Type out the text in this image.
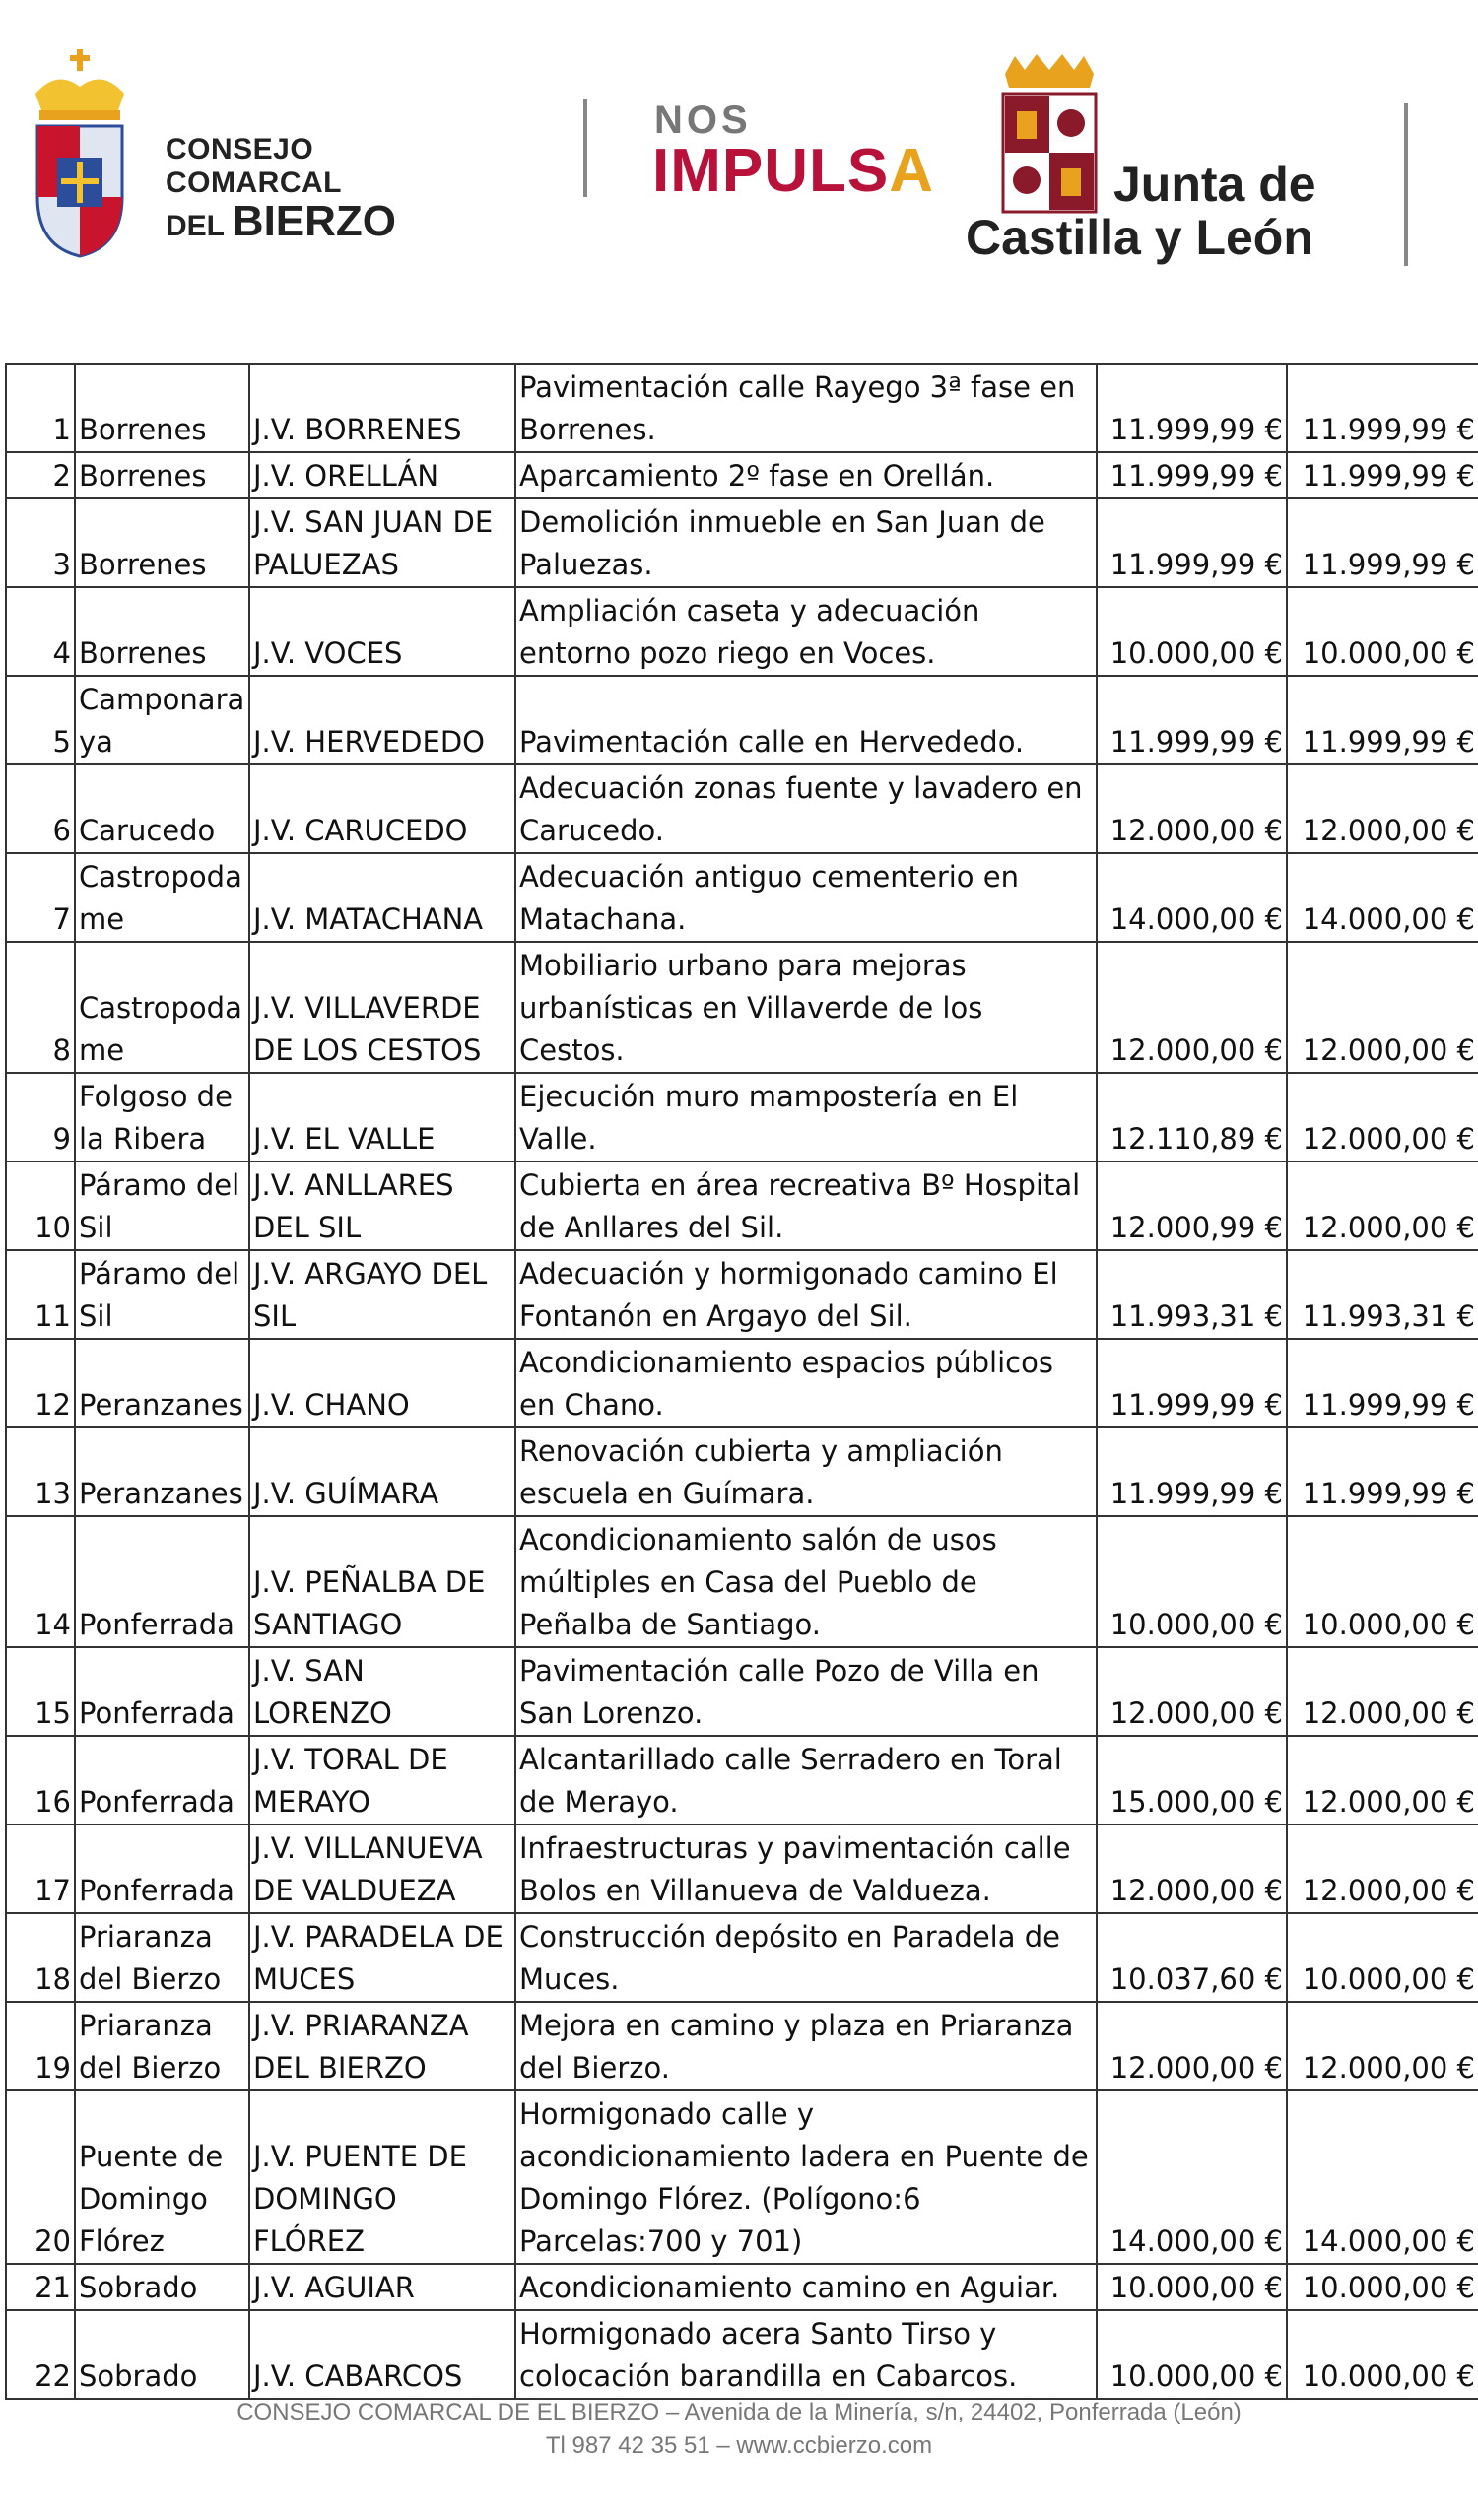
CONSEJO COMARCAL
DEL BIERZO
NOS
IMPULSA	Junta de
Castilla y León
1	Borrenes	J.V. BORRENES	Pavimentación calle Rayego 3ª fase en Borrenes.	11.999,99 €	11.999,99 €
2	Borrenes	J.V. ORELLÁN	Aparcamiento 2º fase en Orellán.	11.999,99 €	11.999,99 €
3	Borrenes	J.V. SAN JUAN DE PALUEZAS	Demolición inmueble en San Juan de Paluezas.	11.999,99 €	11.999,99 €
4	Borrenes	J.V. VOCES	Ampliación caseta y adecuación entorno pozo riego en Voces.	10.000,00 €	10.000,00 €
5	Camponaraya	J.V. HERVEDEDO	Pavimentación calle en Hervededo.	11.999,99 €	11.999,99 €
6	Carucedo	J.V. CARUCEDO	Adecuación zonas fuente y lavadero en Carucedo.	12.000,00 €	12.000,00 €
7	Castropodame	J.V. MATACHANA	Adecuación antiguo cementerio en Matachana.	14.000,00 €	14.000,00 €
8	Castropodame	J.V. VILLAVERDE DE LOS CESTOS	Mobiliario urbano para mejoras urbanísticas en Villaverde de los Cestos.	12.000,00 €	12.000,00 €
9	Folgoso de la Ribera	J.V. EL VALLE	Ejecución muro mampostería en El Valle.	12.110,89 €	12.000,00 €
10	Páramo del Sil	J.V. ANLLARES DEL SIL	Cubierta en área recreativa Bº Hospital de Anllares del Sil.	12.000,99 €	12.000,00 €
11	Páramo del Sil	J.V. ARGAYO DEL SIL	Adecuación y hormigonado camino El Fontanón en Argayo del Sil.	11.993,31 €	11.993,31 €
12	Peranzanes	J.V. CHANO	Acondicionamiento espacios públicos en Chano.	11.999,99 €	11.999,99 €
13	Peranzanes	J.V. GUÍMARA	Renovación cubierta y ampliación escuela en Guímara.	11.999,99 €	11.999,99 €
14	Ponferrada	J.V. PEÑALBA DE SANTIAGO	Acondicionamiento salón de usos múltiples en Casa del Pueblo de Peñalba de Santiago.	10.000,00 €	10.000,00 €
15	Ponferrada	J.V. SAN LORENZO	Pavimentación calle Pozo de Villa en San Lorenzo.	12.000,00 €	12.000,00 €
16	Ponferrada	J.V. TORAL DE MERAYO	Alcantarillado calle Serradero en Toral de Merayo.	15.000,00 €	12.000,00 €
17	Ponferrada	J.V. VILLANUEVA DE VALDUEZA	Infraestructuras y pavimentación calle Bolos en Villanueva de Valdueza.	12.000,00 €	12.000,00 €
18	Priaranza del Bierzo	J.V. PARADELA DE MUCES	Construcción depósito en Paradela de Muces.	10.037,60 €	10.000,00 €
19	Priaranza del Bierzo	J.V. PRIARANZA DEL BIERZO	Mejora en camino y plaza en Priaranza del Bierzo.	12.000,00 €	12.000,00 €
20	Puente de Domingo Flórez	J.V. PUENTE DE DOMINGO FLÓREZ	Hormigonado calle y acondicionamiento ladera en Puente de Domingo Flórez. (Polígono:6 Parcelas:700 y 701)	14.000,00 €	14.000,00 €
21	Sobrado	J.V. AGUIAR	Acondicionamiento camino en Aguiar.	10.000,00 €	10.000,00 €
22	Sobrado	J.V. CABARCOS	Hormigonado acera Santo Tirso y colocación barandilla en Cabarcos.	10.000,00 €	10.000,00 €
CONSEJO COMARCAL DE EL BIERZO – Avenida de la Minería, s/n, 24402, Ponferrada (León)
Tl 987 42 35 51 – www.ccbierzo.com
